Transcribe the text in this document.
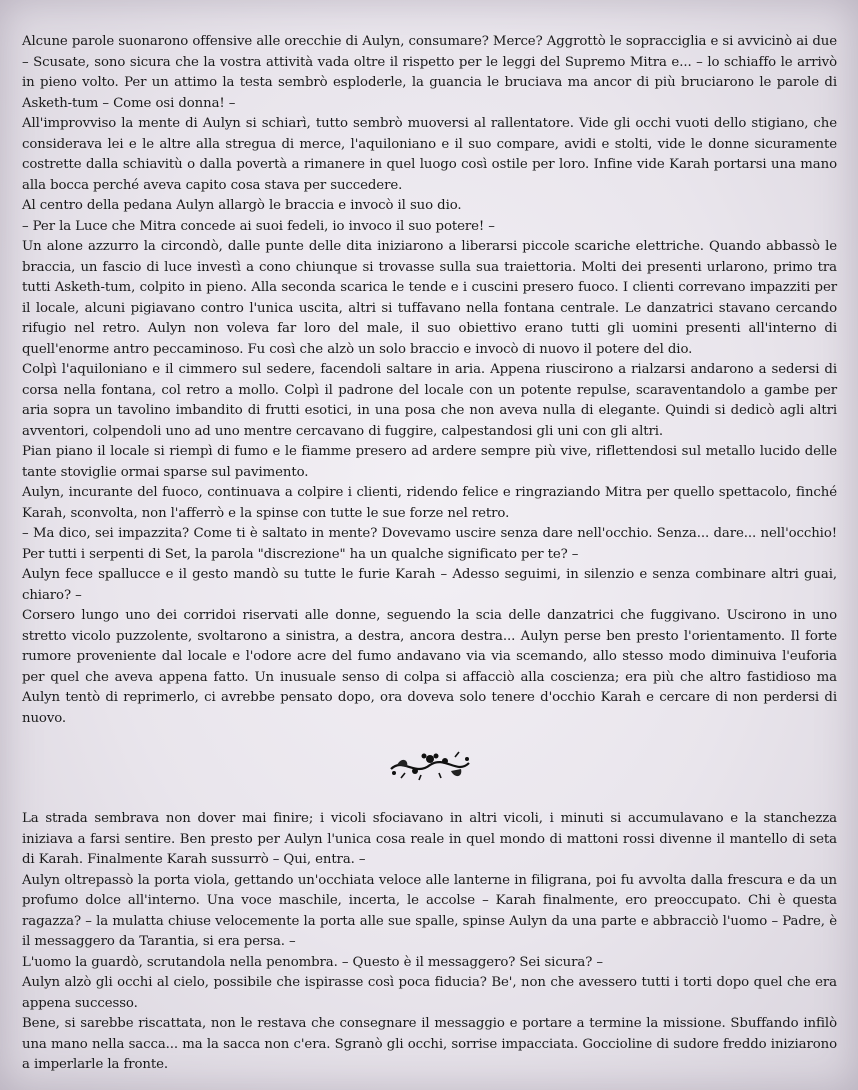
Alcune parole suonarono offensive alle orecchie di Aulyn, consumare? Merce? Aggrottò le sopracciglia e si avvicinò ai due – Scusate, sono sicura che la vostra attività vada oltre il rispetto per le leggi del Supremo Mitra e... – lo schiaffo le arrivò in pieno volto. Per un attimo la testa sembrò esploderle, la guancia le bruciava ma ancor di più bruciarono le parole di Asketh-tum – Come osi donna! –

All'improvviso la mente di Aulyn si schiarì, tutto sembrò muoversi al rallentatore. Vide gli occhi vuoti dello stigiano, che considerava lei e le altre alla stregua di merce, l'aquiloniano e il suo compare, avidi e stolti, vide le donne sicuramente costrette dalla schiavitù o dalla povertà a rimanere in quel luogo così ostile per loro. Infine vide Karah portarsi una mano alla bocca perché aveva capito cosa stava per succedere.

Al centro della pedana Aulyn allargò le braccia e invocò il suo dio.

– Per la Luce che Mitra concede ai suoi fedeli, io invoco il suo potere! –

Un alone azzurro la circondò, dalle punte delle dita iniziarono a liberarsi piccole scariche elettriche. Quando abbassò le braccia, un fascio di luce investì a cono chiunque si trovasse sulla sua traiettoria. Molti dei presenti urlarono, primo tra tutti Asketh-tum, colpito in pieno. Alla seconda scarica le tende e i cuscini presero fuoco. I clienti correvano impazziti per il locale, alcuni pigiavano contro l'unica uscita, altri si tuffavano nella fontana centrale. Le danzatrici stavano cercando rifugio nel retro. Aulyn non voleva far loro del male, il suo obiettivo erano tutti gli uomini presenti all'interno di quell'enorme antro peccaminoso. Fu così che alzò un solo braccio e invocò di nuovo il potere del dio.

Colpì l'aquiloniano e il cimmero sul sedere, facendoli saltare in aria. Appena riuscirono a rialzarsi andarono a sedersi di corsa nella fontana, col retro a mollo. Colpì il padrone del locale con un potente repulse, scaraventandolo a gambe per aria sopra un tavolino imbandito di frutti esotici, in una posa che non aveva nulla di elegante. Quindi si dedicò agli altri avventori, colpendoli uno ad uno mentre cercavano di fuggire, calpestandosi gli uni con gli altri.

Pian piano il locale si riempì di fumo e le fiamme presero ad ardere sempre più vive, riflettendosi sul metallo lucido delle tante stoviglie ormai sparse sul pavimento.

Aulyn, incurante del fuoco, continuava a colpire i clienti, ridendo felice e ringraziando Mitra per quello spettacolo, finché Karah, sconvolta, non l'afferrò e la spinse con tutte le sue forze nel retro.

– Ma dico, sei impazzita? Come ti è saltato in mente? Dovevamo uscire senza dare nell'occhio. Senza... dare... nell'occhio! Per tutti i serpenti di Set, la parola "discrezione" ha un qualche significato per te? –

Aulyn fece spallucce e il gesto mandò su tutte le furie Karah – Adesso seguimi, in silenzio e senza combinare altri guai, chiaro? –

Corsero lungo uno dei corridoi riservati alle donne, seguendo la scia delle danzatrici che fuggivano. Uscirono in uno stretto vicolo puzzolente, svoltarono a sinistra, a destra, ancora destra... Aulyn perse ben presto l'orientamento. Il forte rumore proveniente dal locale e l'odore acre del fumo andavano via via scemando, allo stesso modo diminuiva l'euforia per quel che aveva appena fatto. Un inusuale senso di colpa si affacciò alla coscienza; era più che altro fastidioso ma Aulyn tentò di reprimerlo, ci avrebbe pensato dopo, ora doveva solo tenere d'occhio Karah e cercare di non perdersi di nuovo.

La strada sembrava non dover mai finire; i vicoli sfociavano in altri vicoli, i minuti si accumulavano e la stanchezza iniziava a farsi sentire. Ben presto per Aulyn l'unica cosa reale in quel mondo di mattoni rossi divenne il mantello di seta di Karah. Finalmente Karah sussurrò – Qui, entra. –

Aulyn oltrepassò la porta viola, gettando un'occhiata veloce alle lanterne in filigrana, poi fu avvolta dalla frescura e da un profumo dolce all'interno. Una voce maschile, incerta, le accolse – Karah finalmente, ero preoccupato. Chi è questa ragazza? – la mulatta chiuse velocemente la porta alle sue spalle, spinse Aulyn da una parte e abbracciò l'uomo – Padre, è il messaggero da Tarantia, si era persa. –

L'uomo la guardò, scrutandola nella penombra. – Questo è il messaggero? Sei sicura? –

Aulyn alzò gli occhi al cielo, possibile che ispirasse così poca fiducia? Be', non che avessero tutti i torti dopo quel che era appena successo.

Bene, si sarebbe riscattata, non le restava che consegnare il messaggio e portare a termine la missione. Sbuffando infilò una mano nella sacca... ma la sacca non c'era. Sgranò gli occhi, sorrise impacciata. Goccioline di sudore freddo iniziarono a imperlarle la fronte.
